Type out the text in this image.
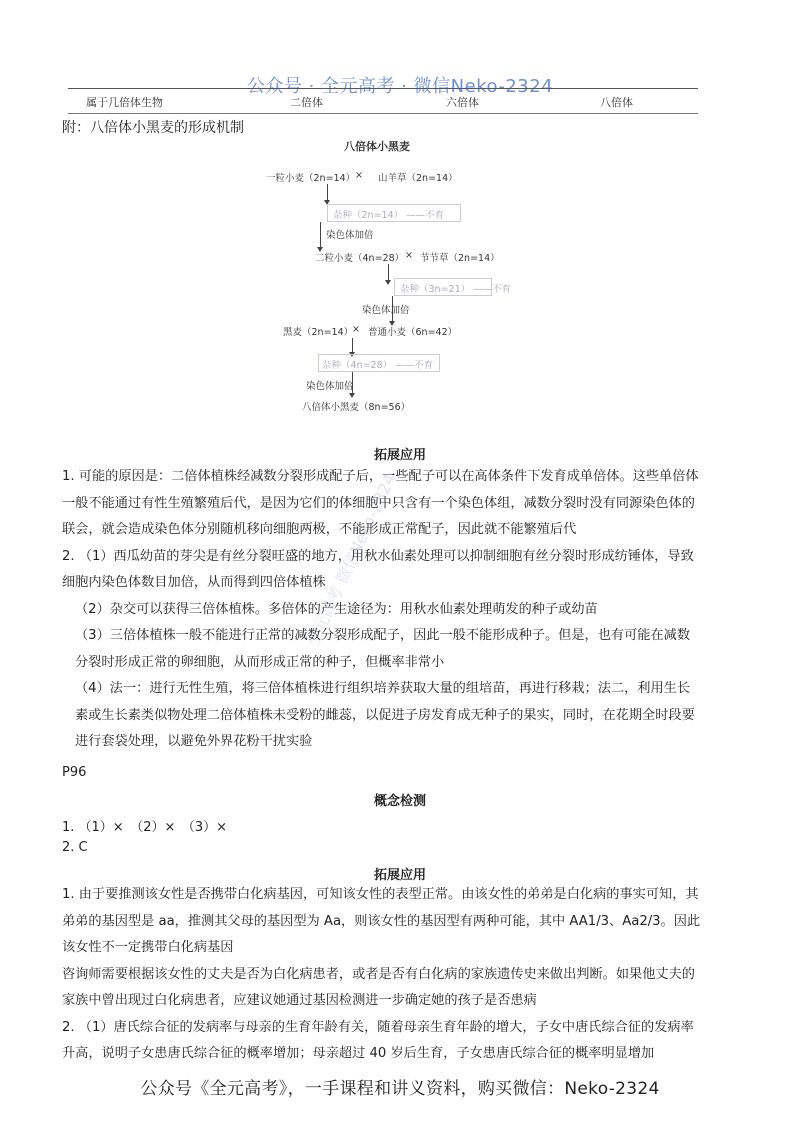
公众号 · 全元高考 · 微信Neko-2324
属于几倍体生物	二倍体	六倍体	八倍体
附：八倍体小黑麦的形成机制
八倍体小黑麦
一粒小麦（2n=14） × 山羊草（2n=14）
杂种（2n=14） ——不育
染色体加倍
二粒小麦（4n=28） × 节节草（2n=14）
杂种（3n=21） ——不育
染色体加倍
黑麦（2n=14）
× 普通小麦（6n=42）
杂种（4n=28） ——不育
染色体加倍
八倍体小黑麦（8n=56）
拓展应用

1. 可能的原因是：二倍体植株经减数分裂形成配子后，一些配子可以在高体条件下发育成单倍体。这些单倍体一般不能通过有性生殖繁殖后代，是因为它们的体细胞中只含有一个染色体组，减数分裂时没有同源染色体的联会，就会造成染色体分别随机移向细胞两极，不能形成正常配子，因此就不能繁殖后代

2. （1）西瓜幼苗的芽尖是有丝分裂旺盛的地方，用秋水仙素处理可以抑制细胞有丝分裂时形成纺锤体，导致细胞内染色体数目加倍，从而得到四倍体植株

（2）杂交可以获得三倍体植株。多倍体的产生途径为：用秋水仙素处理萌发的种子或幼苗

（3）三倍体植株一般不能进行正常的减数分裂形成配子，因此一般不能形成种子。但是，也有可能在减数分裂时形成正常的卵细胞，从而形成正常的种子，但概率非常小

（4）法一：进行无性生殖，将三倍体植株进行组织培养获取大量的组培苗，再进行移栽；法二，利用生长素或生长素类似物处理二倍体植株未受粉的雌蕊，以促进子房发育成无种子的果实，同时，在花期全时段要进行套袋处理，以避免外界花粉干扰实验

P96
概念检测
1. （1）×　（2）×　（3）×
2. C
拓展应用

1. 由于要推测该女性是否携带白化病基因，可知该女性的表型正常。由该女性的弟弟是白化病的事实可知，其弟弟的基因型是 aa，推测其父母的基因型为 Aa，则该女性的基因型有两种可能，其中 AA1/3、Aa2/3。因此该女性不一定携带白化病基因

咨询师需要根据该女性的丈夫是否为白化病患者，或者是否有白化病的家族遗传史来做出判断。如果他丈夫的家族中曾出现过白化病患者，应建议她通过基因检测进一步确定她的孩子是否患病

2. （1）唐氏综合征的发病率与母亲的生育年龄有关，随着母亲生育年龄的增大，子女中唐氏综合征的发病率升高，说明子女患唐氏综合征的概率增加；母亲超过 40 岁后生育，子女患唐氏综合征的概率明显增加

全元高考 微信Neko-2324
公众号《全元高考》，一手课程和讲义资料，购买微信：Neko-2324
